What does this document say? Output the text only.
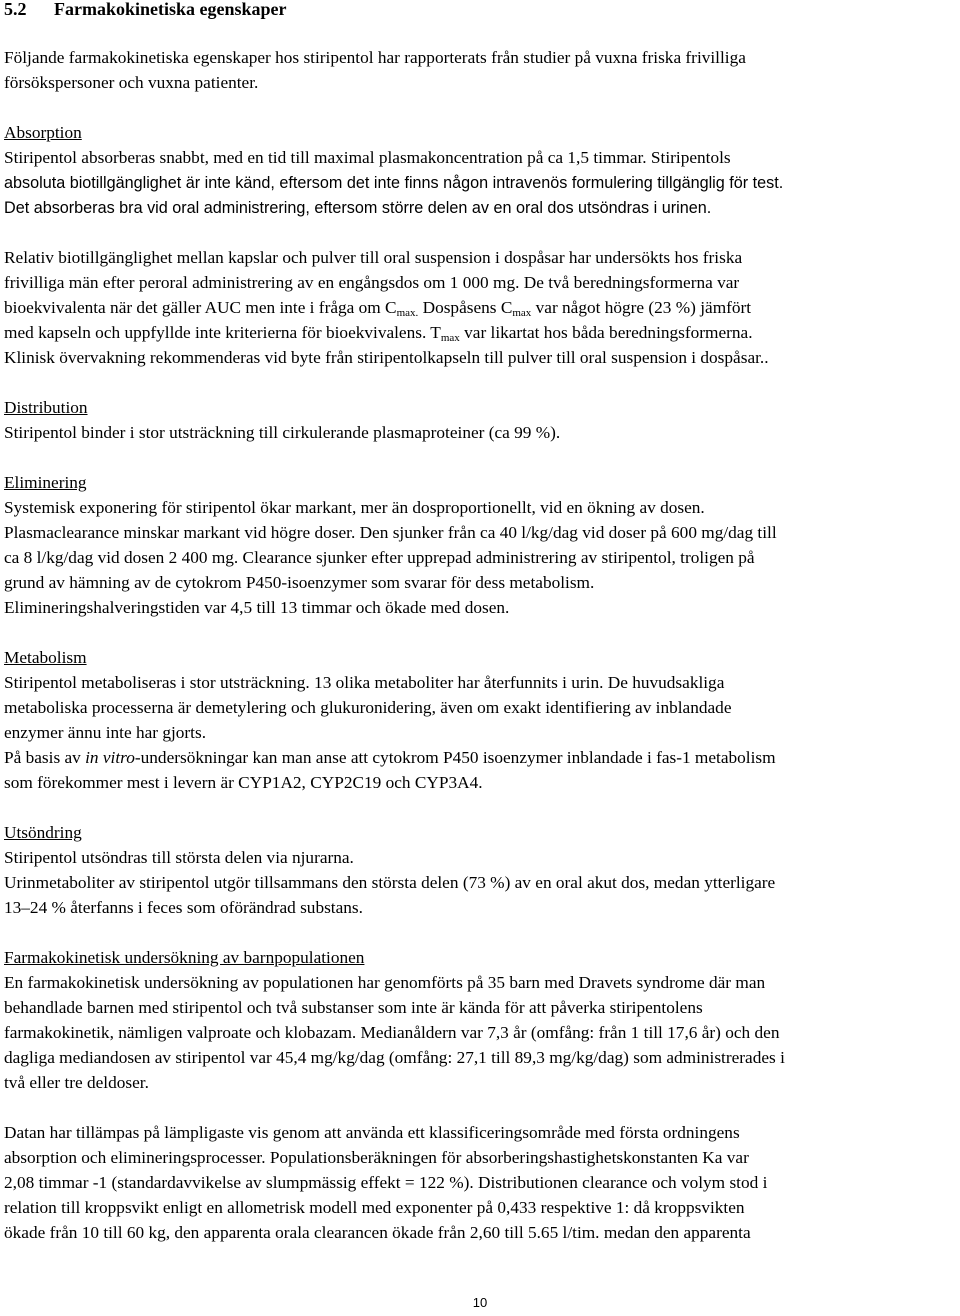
5.2 Farmakokinetiska egenskaper
Följande farmakokinetiska egenskaper hos stiripentol har rapporterats från studier på vuxna friska frivilliga
försökspersoner och vuxna patienter.
Absorption
Stiripentol absorberas snabbt, med en tid till maximal plasmakoncentration på ca 1,5 timmar. Stiripentols
absoluta biotillgänglighet är inte känd, eftersom det inte finns någon intravenös formulering tillgänglig för test.
Det absorberas bra vid oral administrering, eftersom större delen av en oral dos utsöndras i urinen.
Relativ biotillgänglighet mellan kapslar och pulver till oral suspension i dospåsar har undersökts hos friska
frivilliga män efter peroral administrering av en engångsdos om 1 000 mg. De två beredningsformerna var
bioekvivalenta när det gäller AUC men inte i fråga om $C_{max.}$ Dospåsens $C_{max}$ var något högre (23 %) jämfört
med kapseln och uppfyllde inte kriterierna för bioekvivalens. $T_{max}$ var likartat hos båda beredningsformerna.
Klinisk övervakning rekommenderas vid byte från stiripentolkapseln till pulver till oral suspension i dospåsar..
Distribution
Stiripentol binder i stor utsträckning till cirkulerande plasmaproteiner (ca 99 %).
Eliminering
Systemisk exponering för stiripentol ökar markant, mer än dosproportionellt, vid en ökning av dosen.
Plasmaclearance minskar markant vid högre doser. Den sjunker från ca 40 l/kg/dag vid doser på 600 mg/dag till
ca 8 l/kg/dag vid dosen 2 400 mg. Clearance sjunker efter upprepad administrering av stiripentol, troligen på
grund av hämning av de cytokrom P450-isoenzymer som svarar för dess metabolism.
Elimineringshalveringstiden var 4,5 till 13 timmar och ökade med dosen.
Metabolism
Stiripentol metaboliseras i stor utsträckning. 13 olika metaboliter har återfunnits i urin. De huvudsakliga
metaboliska processerna är demetylering och glukuronidering, även om exakt identifiering av inblandade
enzymer ännu inte har gjorts.
På basis av in vitro-undersökningar kan man anse att cytokrom P450 isoenzymer inblandade i fas-1 metabolism
som förekommer mest i levern är CYP1A2, CYP2C19 och CYP3A4.
Utsöndring
Stiripentol utsöndras till största delen via njurarna.
Urinmetaboliter av stiripentol utgör tillsammans den största delen (73 %) av en oral akut dos, medan ytterligare
13–24 % återfanns i feces som oförändrad substans.
Farmakokinetisk undersökning av barnpopulationen
En farmakokinetisk undersökning av populationen har genomförts på 35 barn med Dravets syndrome där man
behandlade barnen med stiripentol och två substanser som inte är kända för att påverka stiripentolens
farmakokinetik, nämligen valproate och klobazam. Medianåldern var 7,3 år (omfång: från 1 till 17,6 år) och den
dagliga mediandosen av stiripentol var 45,4 mg/kg/dag (omfång: 27,1 till 89,3 mg/kg/dag) som administrerades i
två eller tre deldoser.
Datan har tillämpas på lämpligaste vis genom att använda ett klassificeringsområde med första ordningens
absorption och elimineringsprocesser. Populationsberäkningen för absorberingshastighetskonstanten Ka var
2,08 timmar -1 (standardavvikelse av slumpmässig effekt = 122 %). Distributionen clearance och volym stod i
relation till kroppsvikt enligt en allometrisk modell med exponenter på 0,433 respektive 1: då kroppsvikten
ökade från 10 till 60 kg, den apparenta orala clearancen ökade från 2,60 till 5.65 l/tim. medan den apparenta
10
